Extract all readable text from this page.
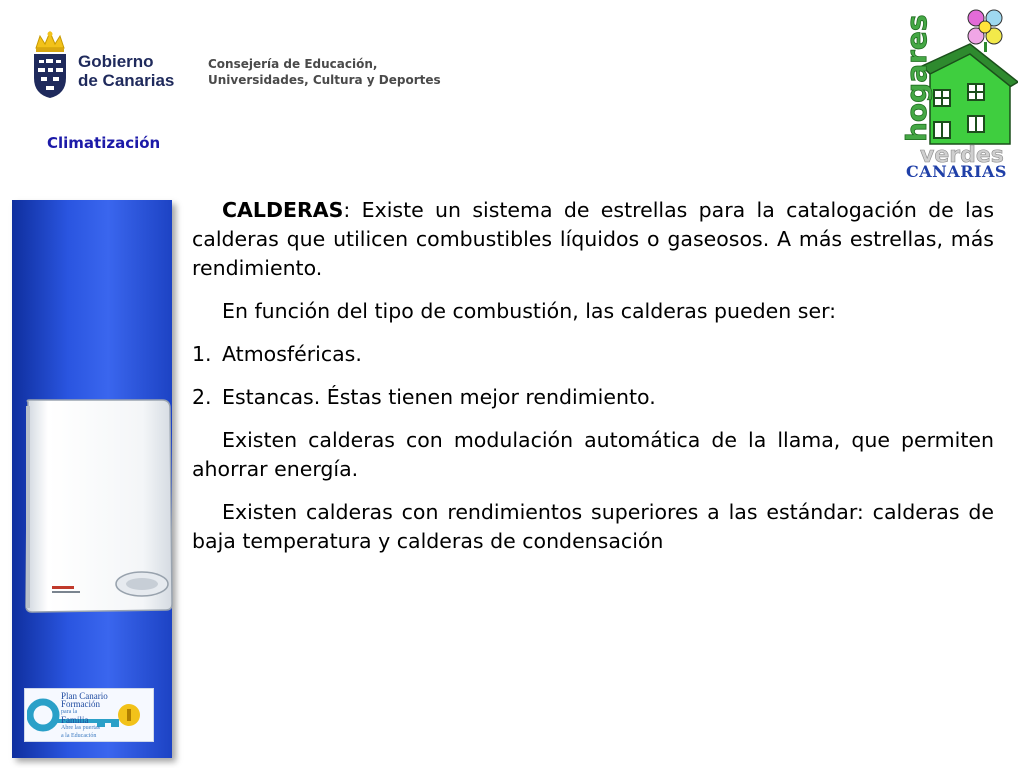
Gobierno
de Canarias
Consejería de Educación,
Universidades, Cultura y Deportes
Climatización
hogares
verdes
CANARIAS
Plan Canario
Formación
para la
Familia
Abre las puertas
a la Educación

CALDERAS: Existe un sistema de estrellas para la catalogación de las calderas que utilicen combustibles líquidos o gaseosos. A más estrellas, más rendimiento.

En función del tipo de combustión, las calderas pueden ser:

1. Atmosféricas.
2. Estancas. Éstas tienen mejor rendimiento.

Existen calderas con modulación automática de la llama, que permiten ahorrar energía.

Existen calderas con rendimientos superiores a las estándar: calderas de baja temperatura y calderas de condensación
